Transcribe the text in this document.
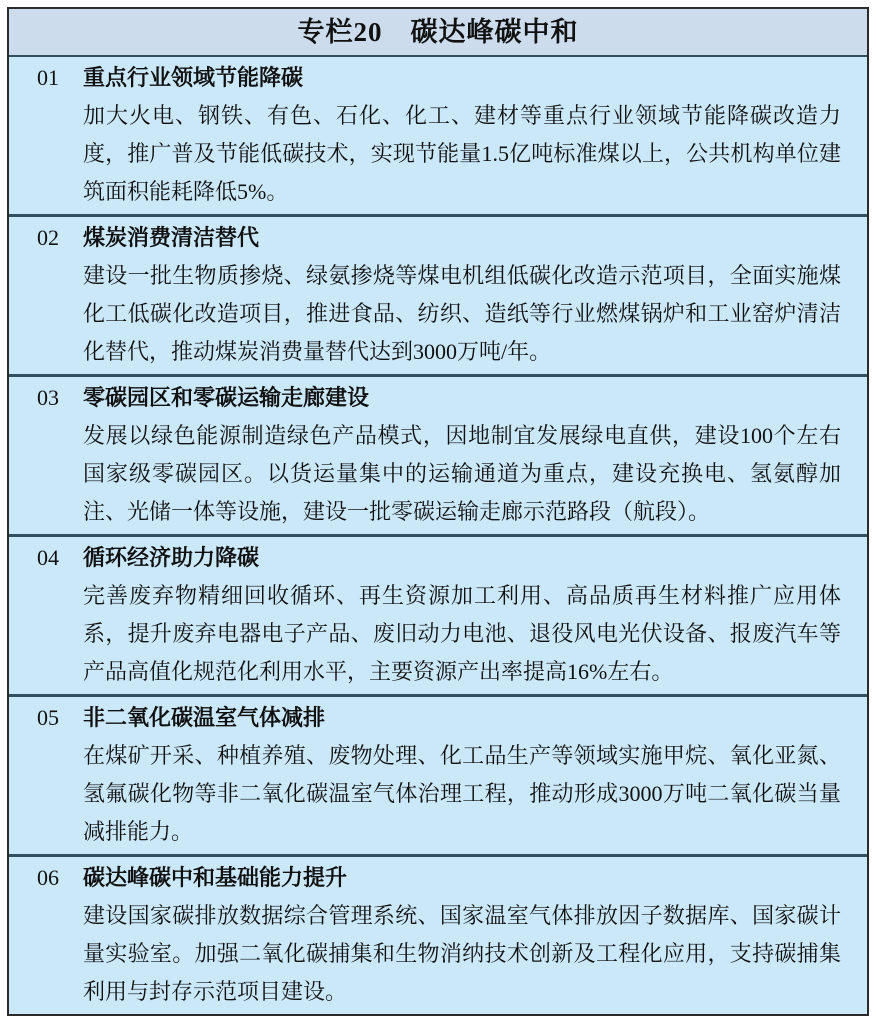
专栏20　碳达峰碳中和
01	重点行业领域节能降碳

加大火电、钢铁、有色、石化、化工、建材等重点行业领域节能降碳改造力度，推广普及节能低碳技术，实现节能量1.5亿吨标准煤以上，公共机构单位建筑面积能耗降低5%。

02	煤炭消费清洁替代

建设一批生物质掺烧、绿氨掺烧等煤电机组低碳化改造示范项目，全面实施煤化工低碳化改造项目，推进食品、纺织、造纸等行业燃煤锅炉和工业窑炉清洁化替代，推动煤炭消费量替代达到3000万吨/年。

03	零碳园区和零碳运输走廊建设

发展以绿色能源制造绿色产品模式，因地制宜发展绿电直供，建设100个左右国家级零碳园区。以货运量集中的运输通道为重点，建设充换电、氢氨醇加注、光储一体等设施，建设一批零碳运输走廊示范路段（航段）。

04	循环经济助力降碳

完善废弃物精细回收循环、再生资源加工利用、高品质再生材料推广应用体系，提升废弃电器电子产品、废旧动力电池、退役风电光伏设备、报废汽车等产品高值化规范化利用水平，主要资源产出率提高16%左右。

05	非二氧化碳温室气体减排

在煤矿开采、种植养殖、废物处理、化工品生产等领域实施甲烷、氧化亚氮、氢氟碳化物等非二氧化碳温室气体治理工程，推动形成3000万吨二氧化碳当量减排能力。

06	碳达峰碳中和基础能力提升

建设国家碳排放数据综合管理系统、国家温室气体排放因子数据库、国家碳计量实验室。加强二氧化碳捕集和生物消纳技术创新及工程化应用，支持碳捕集利用与封存示范项目建设。
